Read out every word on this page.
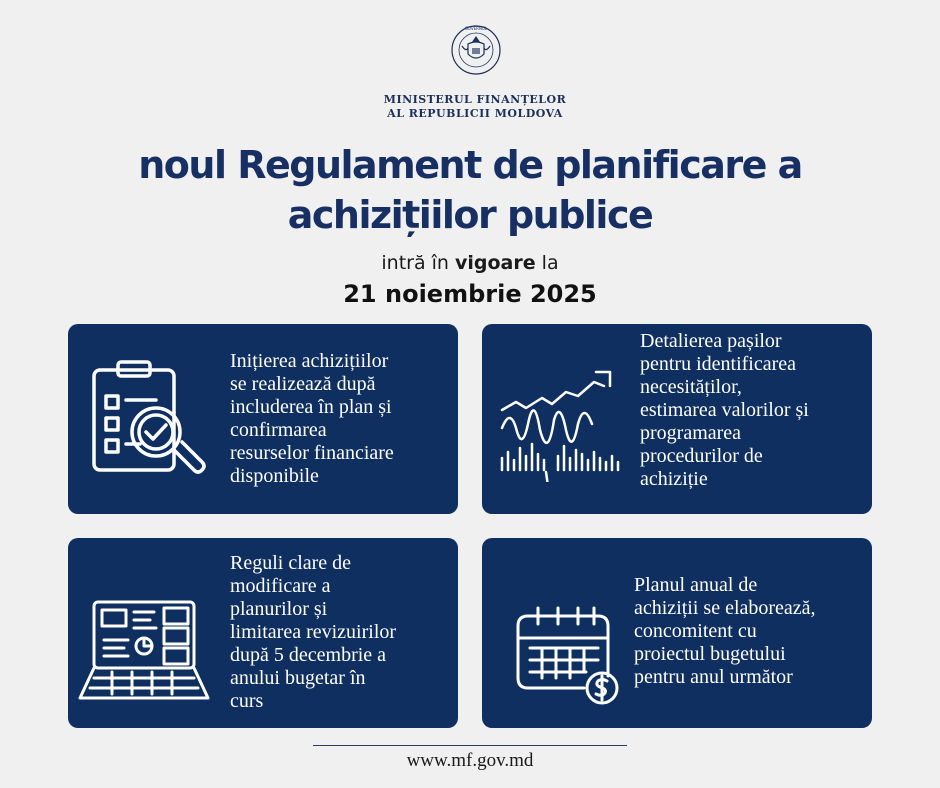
GUVERNUL
MINISTERUL FINANȚELOR
AL REPUBLICII MOLDOVA
noul Regulament de planificare a
achizițiilor publice
intră în vigoare la
21 noiembrie 2025
Inițierea achizițiilor
se realizează după
includerea în plan și
confirmarea
resurselor financiare
disponibile
Detalierea pașilor
pentru identificarea
necesităților,
estimarea valorilor și
programarea
procedurilor de
achiziție
Reguli clare de
modificare a
planurilor și
limitarea revizuirilor
după 5 decembrie a
anului bugetar în
curs
Planul anual de
achiziții se elaborează,
concomitent cu
proiectul bugetului
pentru anul următor
www.mf.gov.md
